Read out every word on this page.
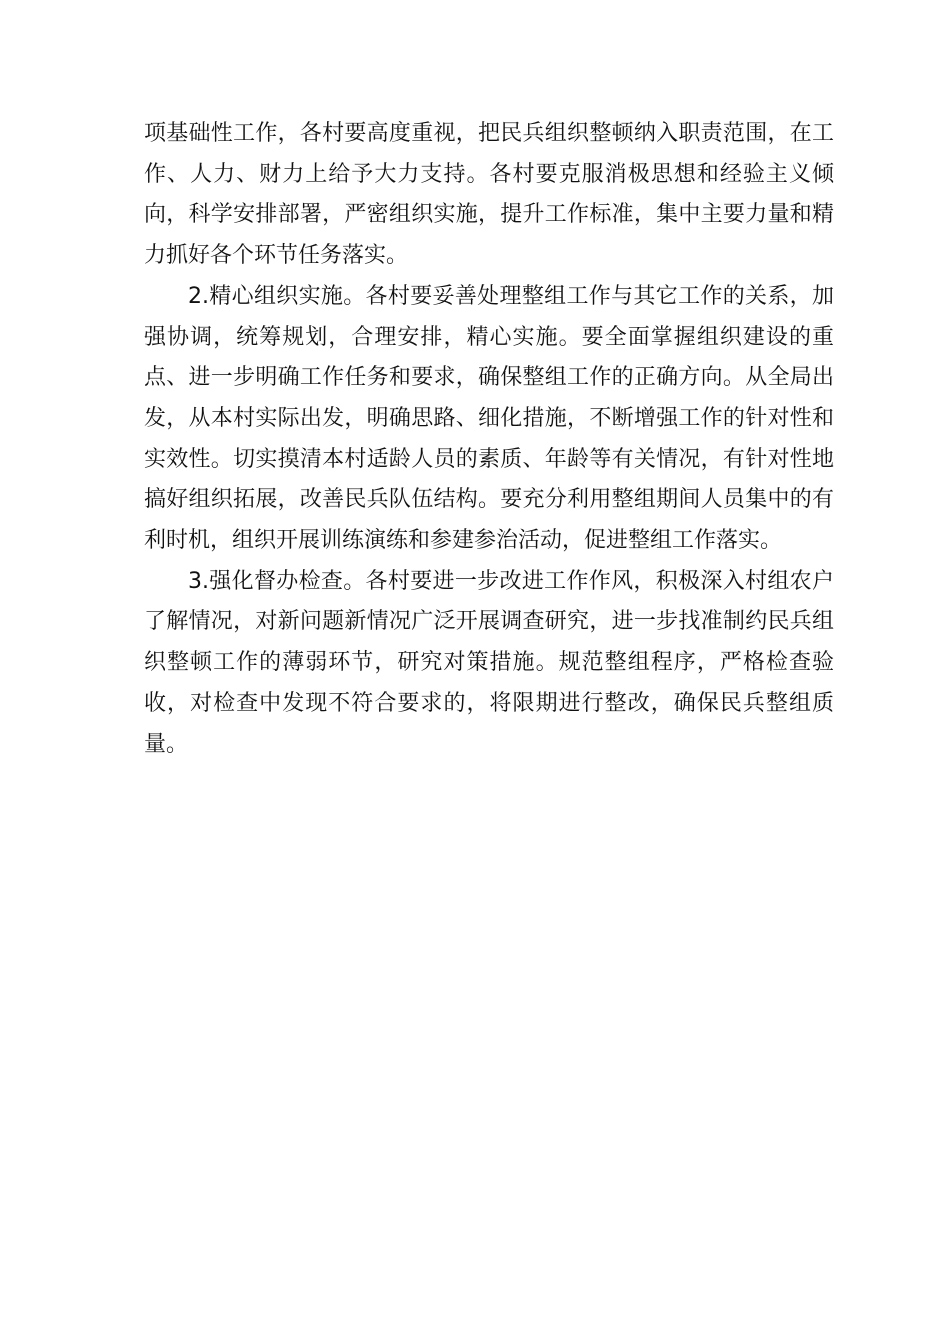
项基础性工作，各村要高度重视，把民兵组织整顿纳入职责范围，在工作、人力、财力上给予大力支持。各村要克服消极思想和经验主义倾向，科学安排部署，严密组织实施，提升工作标准，集中主要力量和精力抓好各个环节任务落实。

2.精心组织实施。各村要妥善处理整组工作与其它工作的关系，加强协调，统筹规划，合理安排，精心实施。要全面掌握组织建设的重点、进一步明确工作任务和要求，确保整组工作的正确方向。从全局出发，从本村实际出发，明确思路、细化措施，不断增强工作的针对性和实效性。切实摸清本村适龄人员的素质、年龄等有关情况，有针对性地搞好组织拓展，改善民兵队伍结构。要充分利用整组期间人员集中的有利时机，组织开展训练演练和参建参治活动，促进整组工作落实。

3.强化督办检查。各村要进一步改进工作作风，积极深入村组农户了解情况，对新问题新情况广泛开展调查研究，进一步找准制约民兵组织整顿工作的薄弱环节，研究对策措施。规范整组程序，严格检查验收，对检查中发现不符合要求的，将限期进行整改，确保民兵整组质量。
